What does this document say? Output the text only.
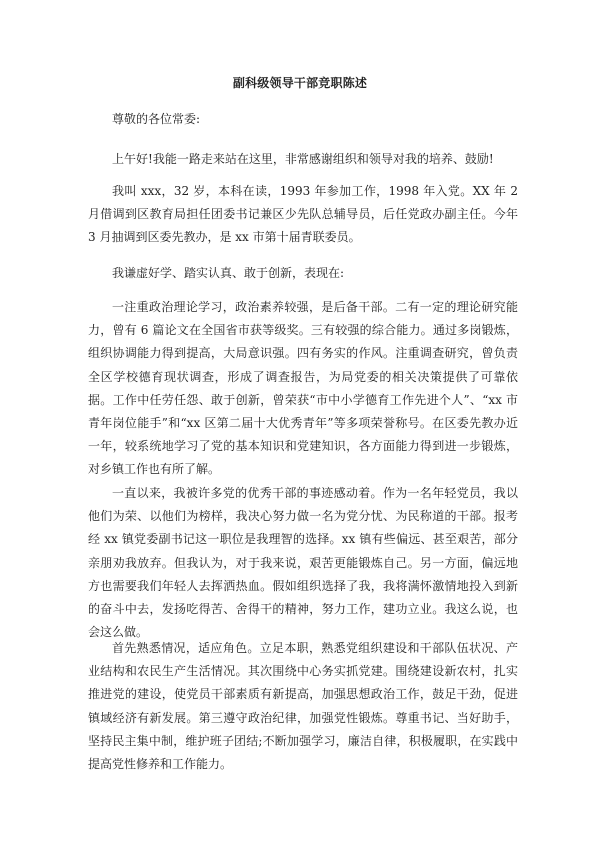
副科级领导干部竞职陈述

尊敬的各位常委:

上午好!我能一路走来站在这里，非常感谢组织和领导对我的培养、鼓励!

我叫 xxx，32 岁，本科在读，1993 年参加工作，1998 年入党。XX 年 2 月借调到区教育局担任团委书记兼区少先队总辅导员，后任党政办副主任。今年 3 月抽调到区委先教办，是 xx 市第十届青联委员。

我谦虚好学、踏实认真、敢于创新，表现在:

一注重政治理论学习，政治素养较强，是后备干部。二有一定的理论研究能力，曾有 6 篇论文在全国省市获等级奖。三有较强的综合能力。通过多岗锻炼，组织协调能力得到提高，大局意识强。四有务实的作风。注重调查研究，曾负责全区学校德育现状调查，形成了调查报告，为局党委的相关决策提供了可靠依据。工作中任劳任怨、敢于创新，曾荣获“市中小学德育工作先进个人”、“xx 市青年岗位能手”和“xx 区第二届十大优秀青年”等多项荣誉称号。在区委先教办近一年，较系统地学习了党的基本知识和党建知识，各方面能力得到进一步锻炼，对乡镇工作也有所了解。

一直以来，我被许多党的优秀干部的事迹感动着。作为一名年轻党员，我以他们为荣、以他们为榜样，我决心努力做一名为党分忧、为民称道的干部。报考经 xx 镇党委副书记这一职位是我理智的选择。xx 镇有些偏远、甚至艰苦，部分亲朋劝我放弃。但我认为，对于我来说，艰苦更能锻炼自己。另一方面，偏远地方也需要我们年轻人去挥洒热血。假如组织选择了我，我将满怀激情地投入到新的奋斗中去，发扬吃得苦、舍得干的精神，努力工作，建功立业。我这么说，也会这么做。

首先熟悉情况，适应角色。立足本职，熟悉党组织建设和干部队伍状况、产业结构和农民生产生活情况。其次围绕中心务实抓党建。围绕建设新农村，扎实推进党的建设，使党员干部素质有新提高，加强思想政治工作，鼓足干劲，促进镇域经济有新发展。第三遵守政治纪律，加强党性锻炼。尊重书记、当好助手，坚持民主集中制，维护班子团结;不断加强学习，廉洁自律，积极履职，在实践中提高党性修养和工作能力。
